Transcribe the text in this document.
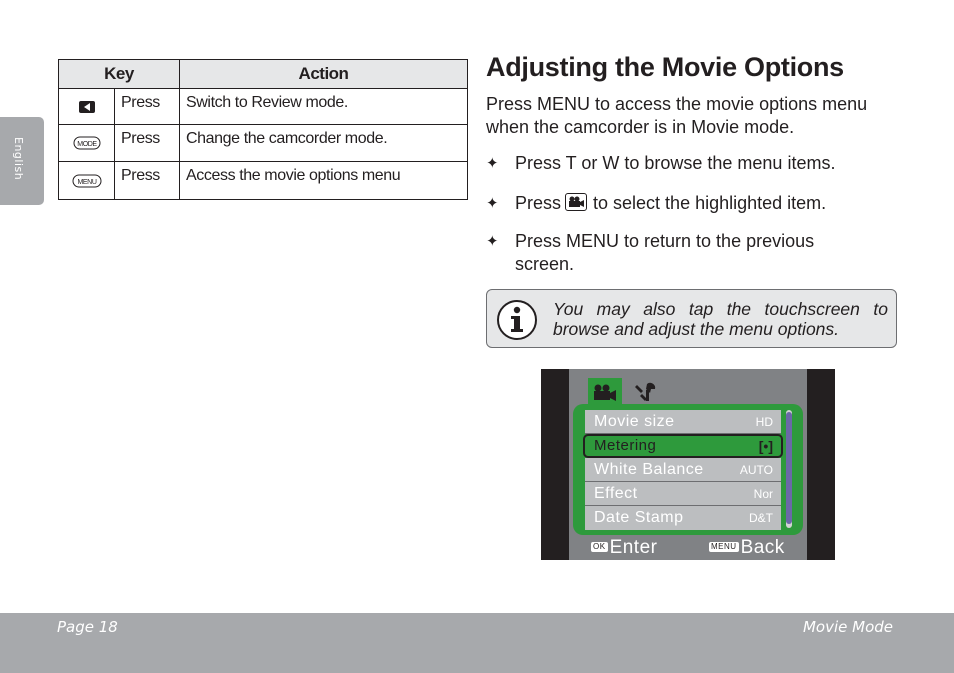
English
Key		Action

	Press	Switch to Review mode.

MODE	Press	Change the camcorder mode.

MENU	Press	Access the movie options menu
Adjusting the Movie Options

Press MENU to access the movie options menu when the camcorder is in Movie mode.

✦ Press T or W to browse the menu items.
✦ Press to select the highlighted item.
✦ Press MENU to return to the previous
screen.

You may also tap the touchscreen to browse and adjust the menu options.

Movie size	HD
Metering	[•]
White Balance	AUTO
Effect	Nor
Date Stamp	D&T
OK Enter	MENU Back
Page 18	Movie Mode
